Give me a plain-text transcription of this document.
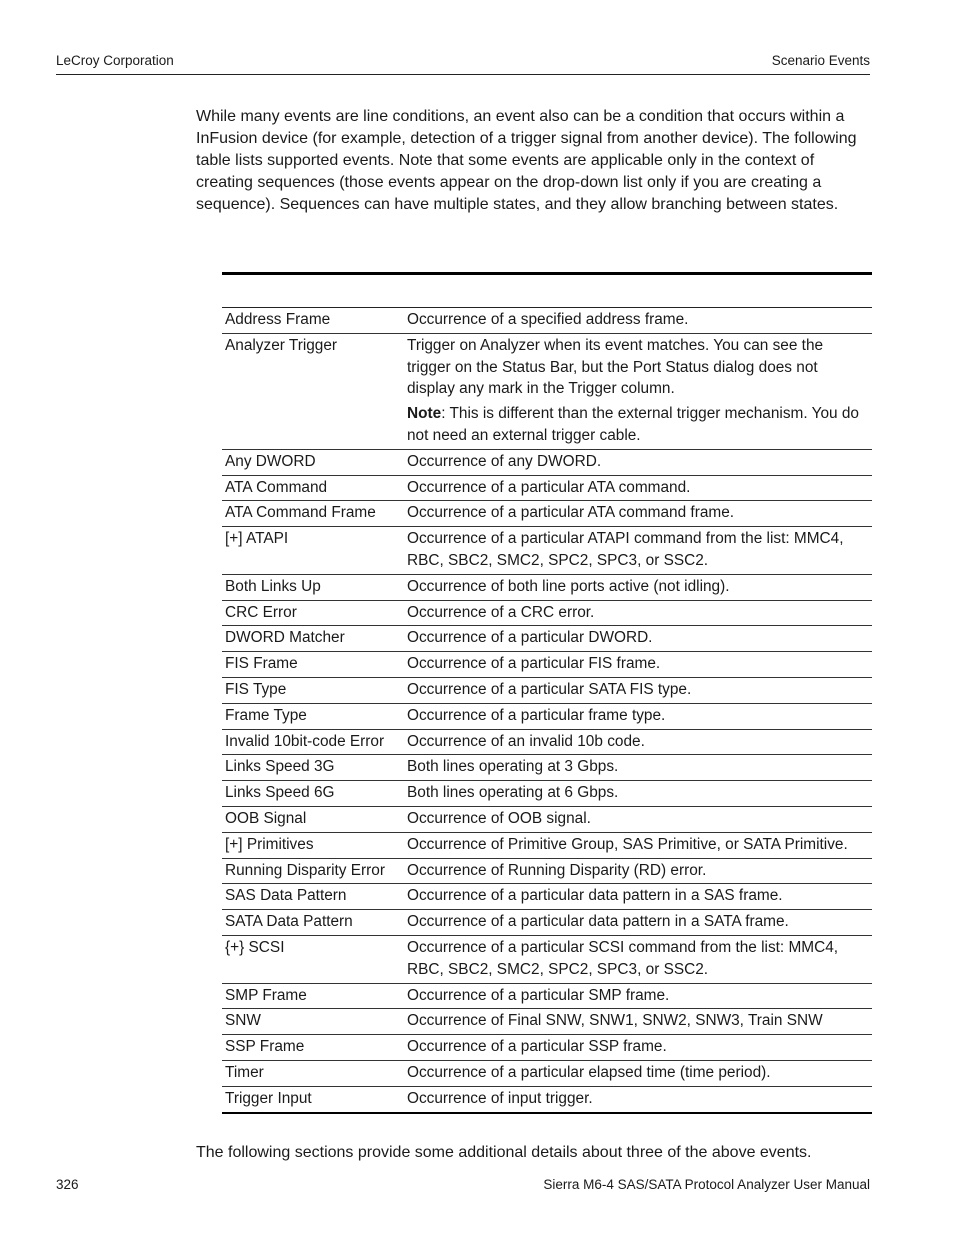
LeCroy Corporation	Scenario Events

While many events are line conditions, an event also can be a condition that occurs within a InFusion device (for example, detection of a trigger signal from another device). The following table lists supported events. Note that some events are applicable only in the context of creating sequences (those events appear on the drop-down list only if you are creating a sequence). Sequences can have multiple states, and they allow branching between states.

Address Frame	Occurrence of a specified address frame.

Analyzer Trigger	Trigger on Analyzer when its event matches. You can see the trigger on the Status Bar, but the Port Status dialog does not display any mark in the Trigger column.
Note: This is different than the external trigger mechanism. You do not need an external trigger cable.

Any DWORD	Occurrence of any DWORD.

ATA Command	Occurrence of a particular ATA command.

ATA Command Frame	Occurrence of a particular ATA command frame.

[+] ATAPI	Occurrence of a particular ATAPI command from the list: MMC4, RBC, SBC2, SMC2, SPC2, SPC3, or SSC2.

Both Links Up	Occurrence of both line ports active (not idling).

CRC Error	Occurrence of a CRC error.

DWORD Matcher	Occurrence of a particular DWORD.

FIS Frame	Occurrence of a particular FIS frame.

FIS Type	Occurrence of a particular SATA FIS type.

Frame Type	Occurrence of a particular frame type.

Invalid 10bit-code Error	Occurrence of an invalid 10b code.

Links Speed 3G	Both lines operating at 3 Gbps.

Links Speed 6G	Both lines operating at 6 Gbps.

OOB Signal	Occurrence of OOB signal.

[+] Primitives	Occurrence of Primitive Group, SAS Primitive, or SATA Primitive.

Running Disparity Error	Occurrence of Running Disparity (RD) error.

SAS Data Pattern	Occurrence of a particular data pattern in a SAS frame.

SATA Data Pattern	Occurrence of a particular data pattern in a SATA frame.

{+} SCSI	Occurrence of a particular SCSI command from the list: MMC4, RBC, SBC2, SMC2, SPC2, SPC3, or SSC2.

SMP Frame	Occurrence of a particular SMP frame.

SNW	Occurrence of Final SNW, SNW1, SNW2, SNW3, Train SNW

SSP Frame	Occurrence of a particular SSP frame.

Timer	Occurrence of a particular elapsed time (time period).

Trigger Input	Occurrence of input trigger.
The following sections provide some additional details about three of the above events.
326	Sierra M6-4 SAS/SATA Protocol Analyzer User Manual
